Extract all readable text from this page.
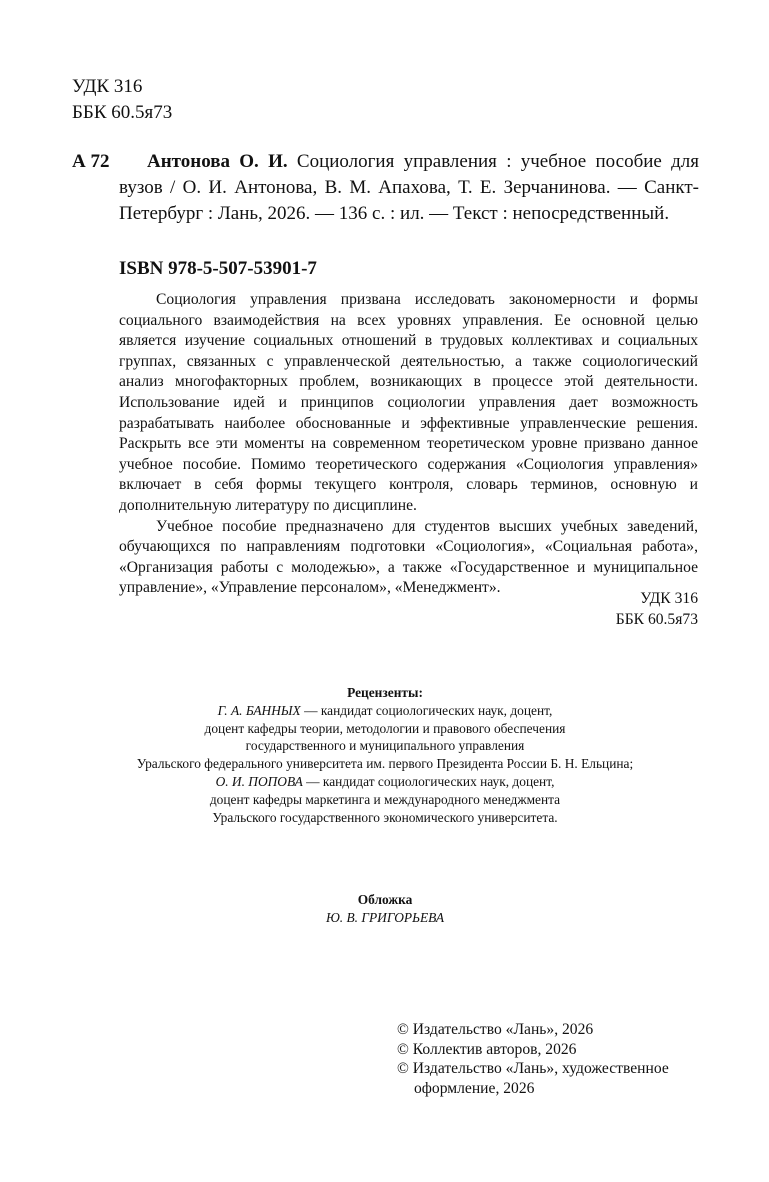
УДК 316
ББК 60.5я73
А 72	Антонова О. И. Социология управления : учебное пособие для вузов / О. И. Антонова, В. М. Апахова, Т. Е. Зерчанинова. — Санкт-Петербург : Лань, 2026. — 136 с. : ил. — Текст : непосредственный.
ISBN 978-5-507-53901-7

Социология управления призвана исследовать закономерности и формы социального взаимодействия на всех уровнях управления. Ее основной целью является изучение социальных отношений в трудовых коллективах и социальных группах, связанных с управленческой деятельностью, а также социологический анализ многофакторных проблем, возникающих в процессе этой деятельности. Использование идей и принципов социологии управления дает возможность разрабатывать наиболее обоснованные и эффективные управленческие решения. Раскрыть все эти моменты на современном теоретическом уровне призвано данное учебное пособие. Помимо теоретического содержания «Социология управления» включает в себя формы текущего контроля, словарь терминов, основную и дополнительную литературу по дисциплине.

Учебное пособие предназначено для студентов высших учебных заведений, обучающихся по направлениям подготовки «Социология», «Социальная работа», «Организация работы с молодежью», а также «Государственное и муниципальное управление», «Управление персоналом», «Менеджмент».

УДК 316
ББК 60.5я73
Рецензенты:
Г. А. БАННЫХ — кандидат социологических наук, доцент,
доцент кафедры теории, методологии и правового обеспечения
государственного и муниципального управления
Уральского федерального университета им. первого Президента России Б. Н. Ельцина;
О. И. ПОПОВА — кандидат социологических наук, доцент,
доцент кафедры маркетинга и международного менеджмента
Уральского государственного экономического университета.
Обложка
Ю. В. ГРИГОРЬЕВА
© Издательство «Лань», 2026
© Коллектив авторов, 2026
© Издательство «Лань», художественное
оформление, 2026
